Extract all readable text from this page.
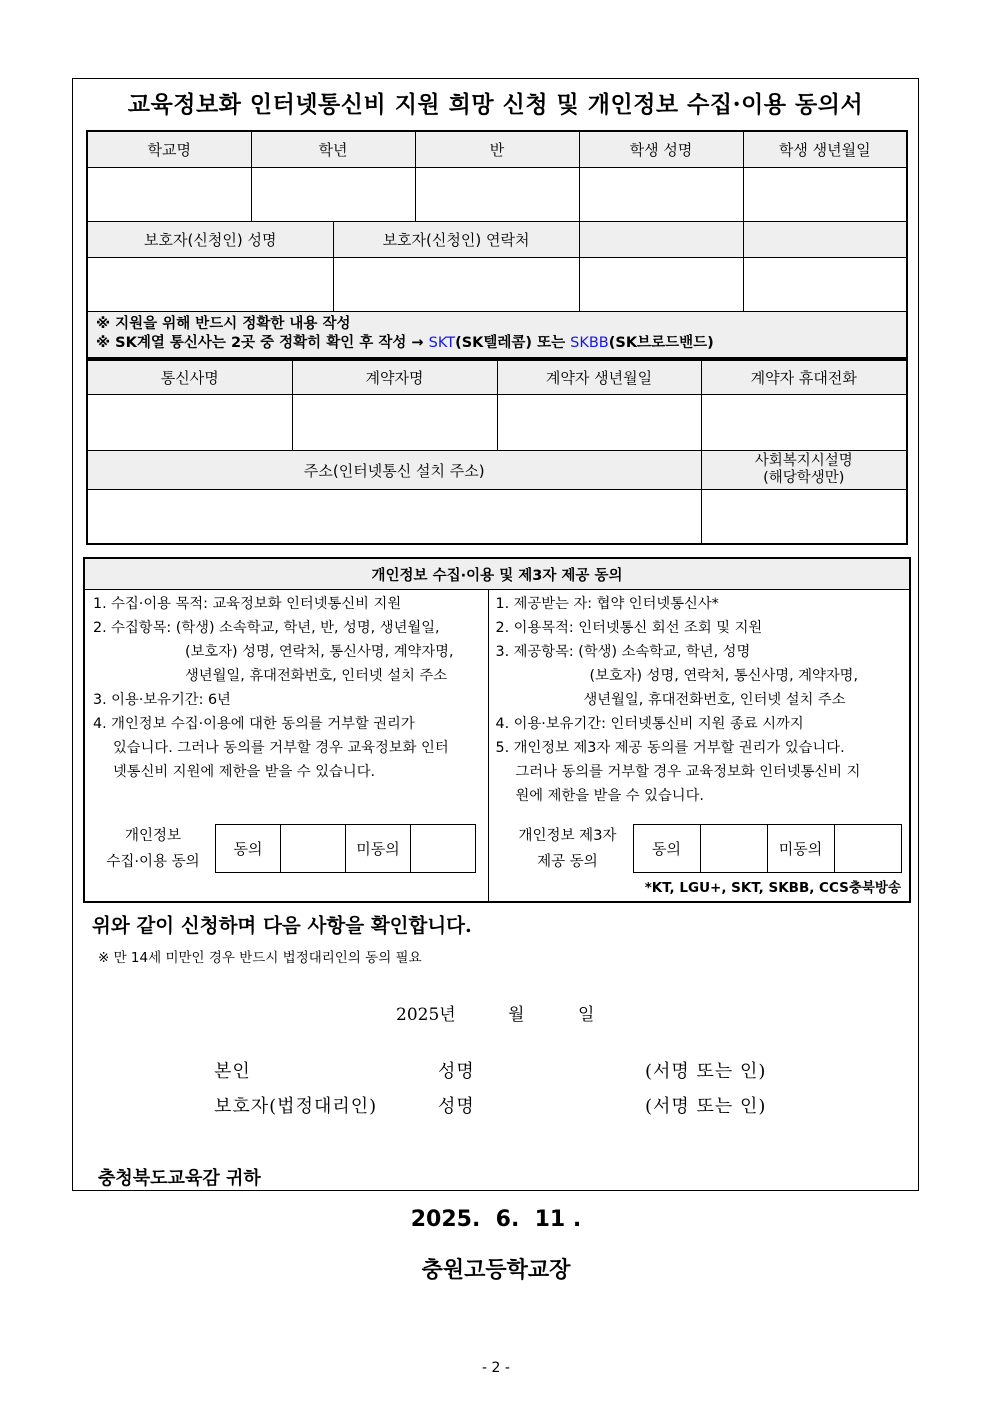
교육정보화 인터넷통신비 지원 희망 신청 및 개인정보 수집·이용 동의서
학교명	학년		반	학생 성명	학생 생년월일

보호자(신청인) 성명		보호자(신청인) 연락처			

※ 지원을 위해 반드시 정확한 내용 작성
※ SK계열 통신사는 2곳 중 정확히 확인 후 작성 → SKT(SK텔레콤) 또는 SKBB(SK브로드밴드)					

통신사명	계약자명	계약자 생년월일	계약자 휴대전화

주소(인터넷통신 설치 주소)			사회복지시설명
(해당학생만)

개인정보 수집·이용 및 제3자 제공 동의

1. 수집·이용 목적: 교육정보화 인터넷통신비 지원
2. 수집항목: (학생) 소속학교, 학년, 반, 성명, 생년월일,
(보호자) 성명, 연락처, 통신사명, 계약자명,
생년월일, 휴대전화번호, 인터넷 설치 주소
3. 이용·보유기간: 6년
4. 개인정보 수집·이용에 대한 동의를 거부할 권리가
있습니다. 그러나 동의를 거부할 경우 교육정보화 인터
넷통신비 지원에 제한을 받을 수 있습니다.
개인정보
수집·이용 동의
동의		미동의	

1. 제공받는 자: 협약 인터넷통신사*
2. 이용목적: 인터넷통신 회선 조회 및 지원
3. 제공항목: (학생) 소속학교, 학년, 성명
(보호자) 성명, 연락처, 통신사명, 계약자명,
생년월일, 휴대전화번호, 인터넷 설치 주소
4. 이용·보유기간: 인터넷통신비 지원 종료 시까지
5. 개인정보 제3자 제공 동의를 거부할 권리가 있습니다.
그러나 동의를 거부할 경우 교육정보화 인터넷통신비 지
원에 제한을 받을 수 있습니다.
개인정보 제3자
제공 동의
동의		미동의	
*KT, LGU+, SKT, SKBB, CCS충북방송
위와 같이 신청하며 다음 사항을 확인합니다.
※ 만 14세 미만인 경우 반드시 법정대리인의 동의 필요
2025년	월	일
본인	성명	(서명 또는 인)
보호자(법정대리인)	성명	(서명 또는 인)
충청북도교육감 귀하
2025.  6.  11 .
충원고등학교장
- 2 -
